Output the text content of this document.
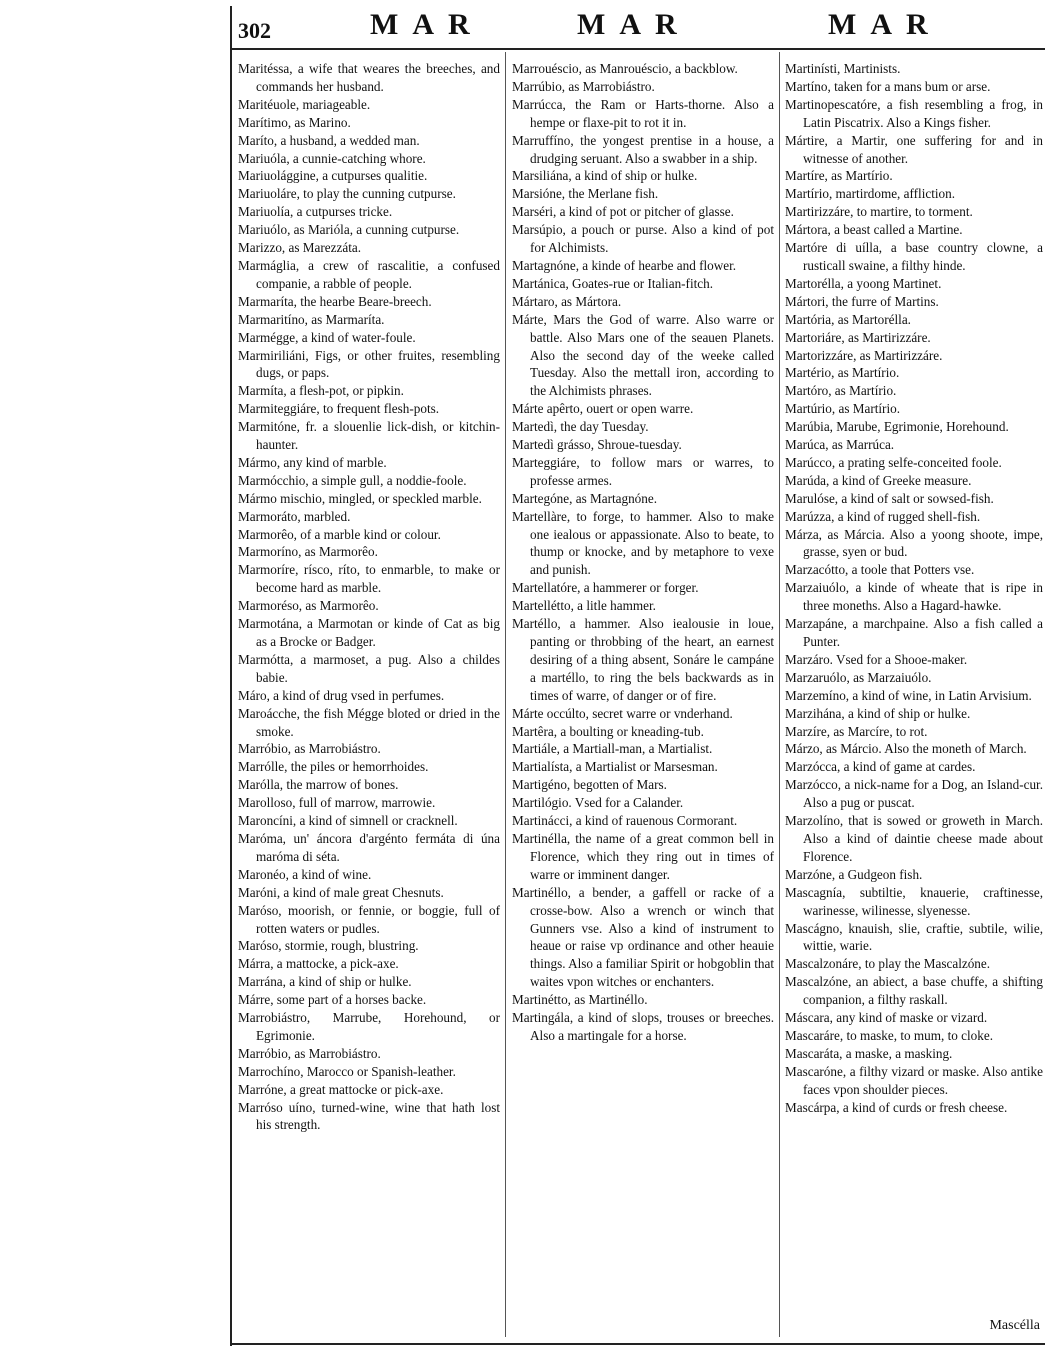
302	MAR	MAR	MAR

Maritéssa, a wife that weares the breeches, and commands her husband.

Maritéuole, mariageable.

Marítimo, as Marino.

Maríto, a husband, a wedded man.

Mariuóla, a cunnie-catching whore.

Mariuolággine, a cutpurses qualitie.

Mariuoláre, to play the cunning cutpurse.

Mariuolía, a cutpurses tricke.

Mariuólo, as Marióla, a cunning cutpurse.

Marizzo, as Marezzáta.

Marmáglia, a crew of rascalitie, a confused companie, a rabble of people.

Marmaríta, the hearbe Beare-breech.

Marmaritíno, as Marmaríta.

Marmégge, a kind of water-foule.

Marmiriliáni, Figs, or other fruites, resembling dugs, or paps.

Marmíta, a flesh-pot, or pipkin.

Marmiteggiáre, to frequent flesh-pots.

Marmitóne, fr. a slouenlie lick-dish, or kitchin-haunter.

Mármo, any kind of marble.

Marmócchio, a simple gull, a noddie-foole.

Mármo mischio, mingled, or speckled marble.

Marmoráto, marbled.

Marmorêo, of a marble kind or colour.

Marmoríno, as Marmorêo.

Marmoríre, rísco, ríto, to enmarble, to make or become hard as marble.

Marmoréso, as Marmorêo.

Marmotána, a Marmotan or kinde of Cat as big as a Brocke or Badger.

Marmótta, a marmoset, a pug. Also a childes babie.

Máro, a kind of drug vsed in perfumes.

Maroácche, the fish Mégge bloted or dried in the smoke.

Marróbio, as Marrobiástro.

Marrólle, the piles or hemorrhoides.

Marólla, the marrow of bones.

Marolloso, full of marrow, marrowie.

Maroncíni, a kind of simnell or cracknell.

Maróma, un' áncora d'argénto fermáta di úna maróma di séta.

Maronéo, a kind of wine.

Maróni, a kind of male great Chesnuts.

Maróso, moorish, or fennie, or boggie, full of rotten waters or pudles.

Maróso, stormie, rough, blustring.

Márra, a mattocke, a pick-axe.

Marrána, a kind of ship or hulke.

Márre, some part of a horses backe.

Marrobiástro, Marrube, Horehound, or Egrimonie.

Marróbio, as Marrobiástro.

Marrochíno, Marocco or Spanish-leather.

Marróne, a great mattocke or pick-axe.

Marróso uíno, turned-wine, wine that hath lost his strength.

Marrouéscio, as Manrouéscio, a backblow.

Marrúbio, as Marrobiástro.

Marrúcca, the Ram or Harts-thorne. Also a hempe or flaxe-pit to rot it in.

Marruffíno, the yongest prentise in a house, a drudging seruant. Also a swabber in a ship.

Marsiliána, a kind of ship or hulke.

Marsióne, the Merlane fish.

Marséri, a kind of pot or pitcher of glasse.

Marsúpio, a pouch or purse. Also a kind of pot for Alchimists.

Martagnóne, a kinde of hearbe and flower.

Martánica, Goates-rue or Italian-fitch.

Mártaro, as Mártora.

Márte, Mars the God of warre. Also warre or battle. Also Mars one of the seauen Planets. Also the second day of the weeke called Tuesday. Also the mettall iron, according to the Alchimists phrases.

Márte apêrto, ouert or open warre.

Martedì, the day Tuesday.

Martedì grásso, Shroue-tuesday.

Marteggiáre, to follow mars or warres, to professe armes.

Martegóne, as Martagnóne.

Martellàre, to forge, to hammer. Also to make one iealous or appassionate. Also to beate, to thump or knocke, and by metaphore to vexe and punish.

Martellatóre, a hammerer or forger.

Martellétto, a litle hammer.

Martéllo, a hammer. Also iealousie in loue, panting or throbbing of the heart, an earnest desiring of a thing absent, Sonáre le campáne a martéllo, to ring the bels backwards as in times of warre, of danger or of fire.

Márte occúlto, secret warre or vnderhand.

Martêra, a boulting or kneading-tub.

Martiále, a Martiall-man, a Martialist.

Martialísta, a Martialist or Marsesman.

Martigéno, begotten of Mars.

Martilógio. Vsed for a Calander.

Martinácci, a kind of rauenous Cormorant.

Martinélla, the name of a great common bell in Florence, which they ring out in times of warre or imminent danger.

Martinéllo, a bender, a gaffell or racke of a crosse-bow. Also a wrench or winch that Gunners vse. Also a kind of instrument to heaue or raise vp ordinance and other heauie things. Also a familiar Spirit or hobgoblin that waites vpon witches or enchanters.

Martinétto, as Martinéllo.

Martingála, a kind of slops, trouses or breeches. Also a martingale for a horse.

Martinísti, Martinists.

Martíno, taken for a mans bum or arse.

Martinopescatóre, a fish resembling a frog, in Latin Piscatrix. Also a Kings fisher.

Mártire, a Martir, one suffering for and in witnesse of another.

Martíre, as Martírio.

Martírio, martirdome, affliction.

Martirizzáre, to martire, to torment.

Mártora, a beast called a Martine.

Martóre di uílla, a base country clowne, a rusticall swaine, a filthy hinde.

Martorélla, a yoong Martinet.

Mártori, the furre of Martins.

Martória, as Martorélla.

Martoriáre, as Martirizzáre.

Martorizzáre, as Martirizzáre.

Martério, as Martírio.

Martóro, as Martírio.

Martúrio, as Martírio.

Marúbia, Marube, Egrimonie, Horehound.

Marúca, as Marrúca.

Marúcco, a prating selfe-conceited foole.

Marúda, a kind of Greeke measure.

Marulóse, a kind of salt or sowsed-fish.

Marúzza, a kind of rugged shell-fish.

Márza, as Márcia. Also a yoong shoote, impe, grasse, syen or bud.

Marzacótto, a toole that Potters vse.

Marzaiuólo, a kinde of wheate that is ripe in three moneths. Also a Hagard-hawke.

Marzapáne, a marchpaine. Also a fish called a Punter.

Marzáro. Vsed for a Shooe-maker.

Marzaruólo, as Marzaiuólo.

Marzemíno, a kind of wine, in Latin Arvisium.

Marzihána, a kind of ship or hulke.

Marzíre, as Marcíre, to rot.

Márzo, as Márcio. Also the moneth of March.

Marzócca, a kind of game at cardes.

Marzócco, a nick-name for a Dog, an Island-cur. Also a pug or puscat.

Marzolíno, that is sowed or groweth in March. Also a kind of daintie cheese made about Florence.

Marzóne, a Gudgeon fish.

Mascagnía, subtiltie, knauerie, craftinesse, warinesse, wilinesse, slyenesse.

Mascágno, knauish, slie, craftie, subtile, wilie, wittie, warie.

Mascalzonáre, to play the Mascalzóne.

Mascalzóne, an abiect, a base chuffe, a shifting companion, a filthy raskall.

Máscara, any kind of maske or vizard.

Mascaráre, to maske, to mum, to cloke.

Mascaráta, a maske, a masking.

Mascaróne, a filthy vizard or maske. Also antike faces vpon shoulder pieces.

Mascárpa, a kind of curds or fresh cheese.

Mascélla
